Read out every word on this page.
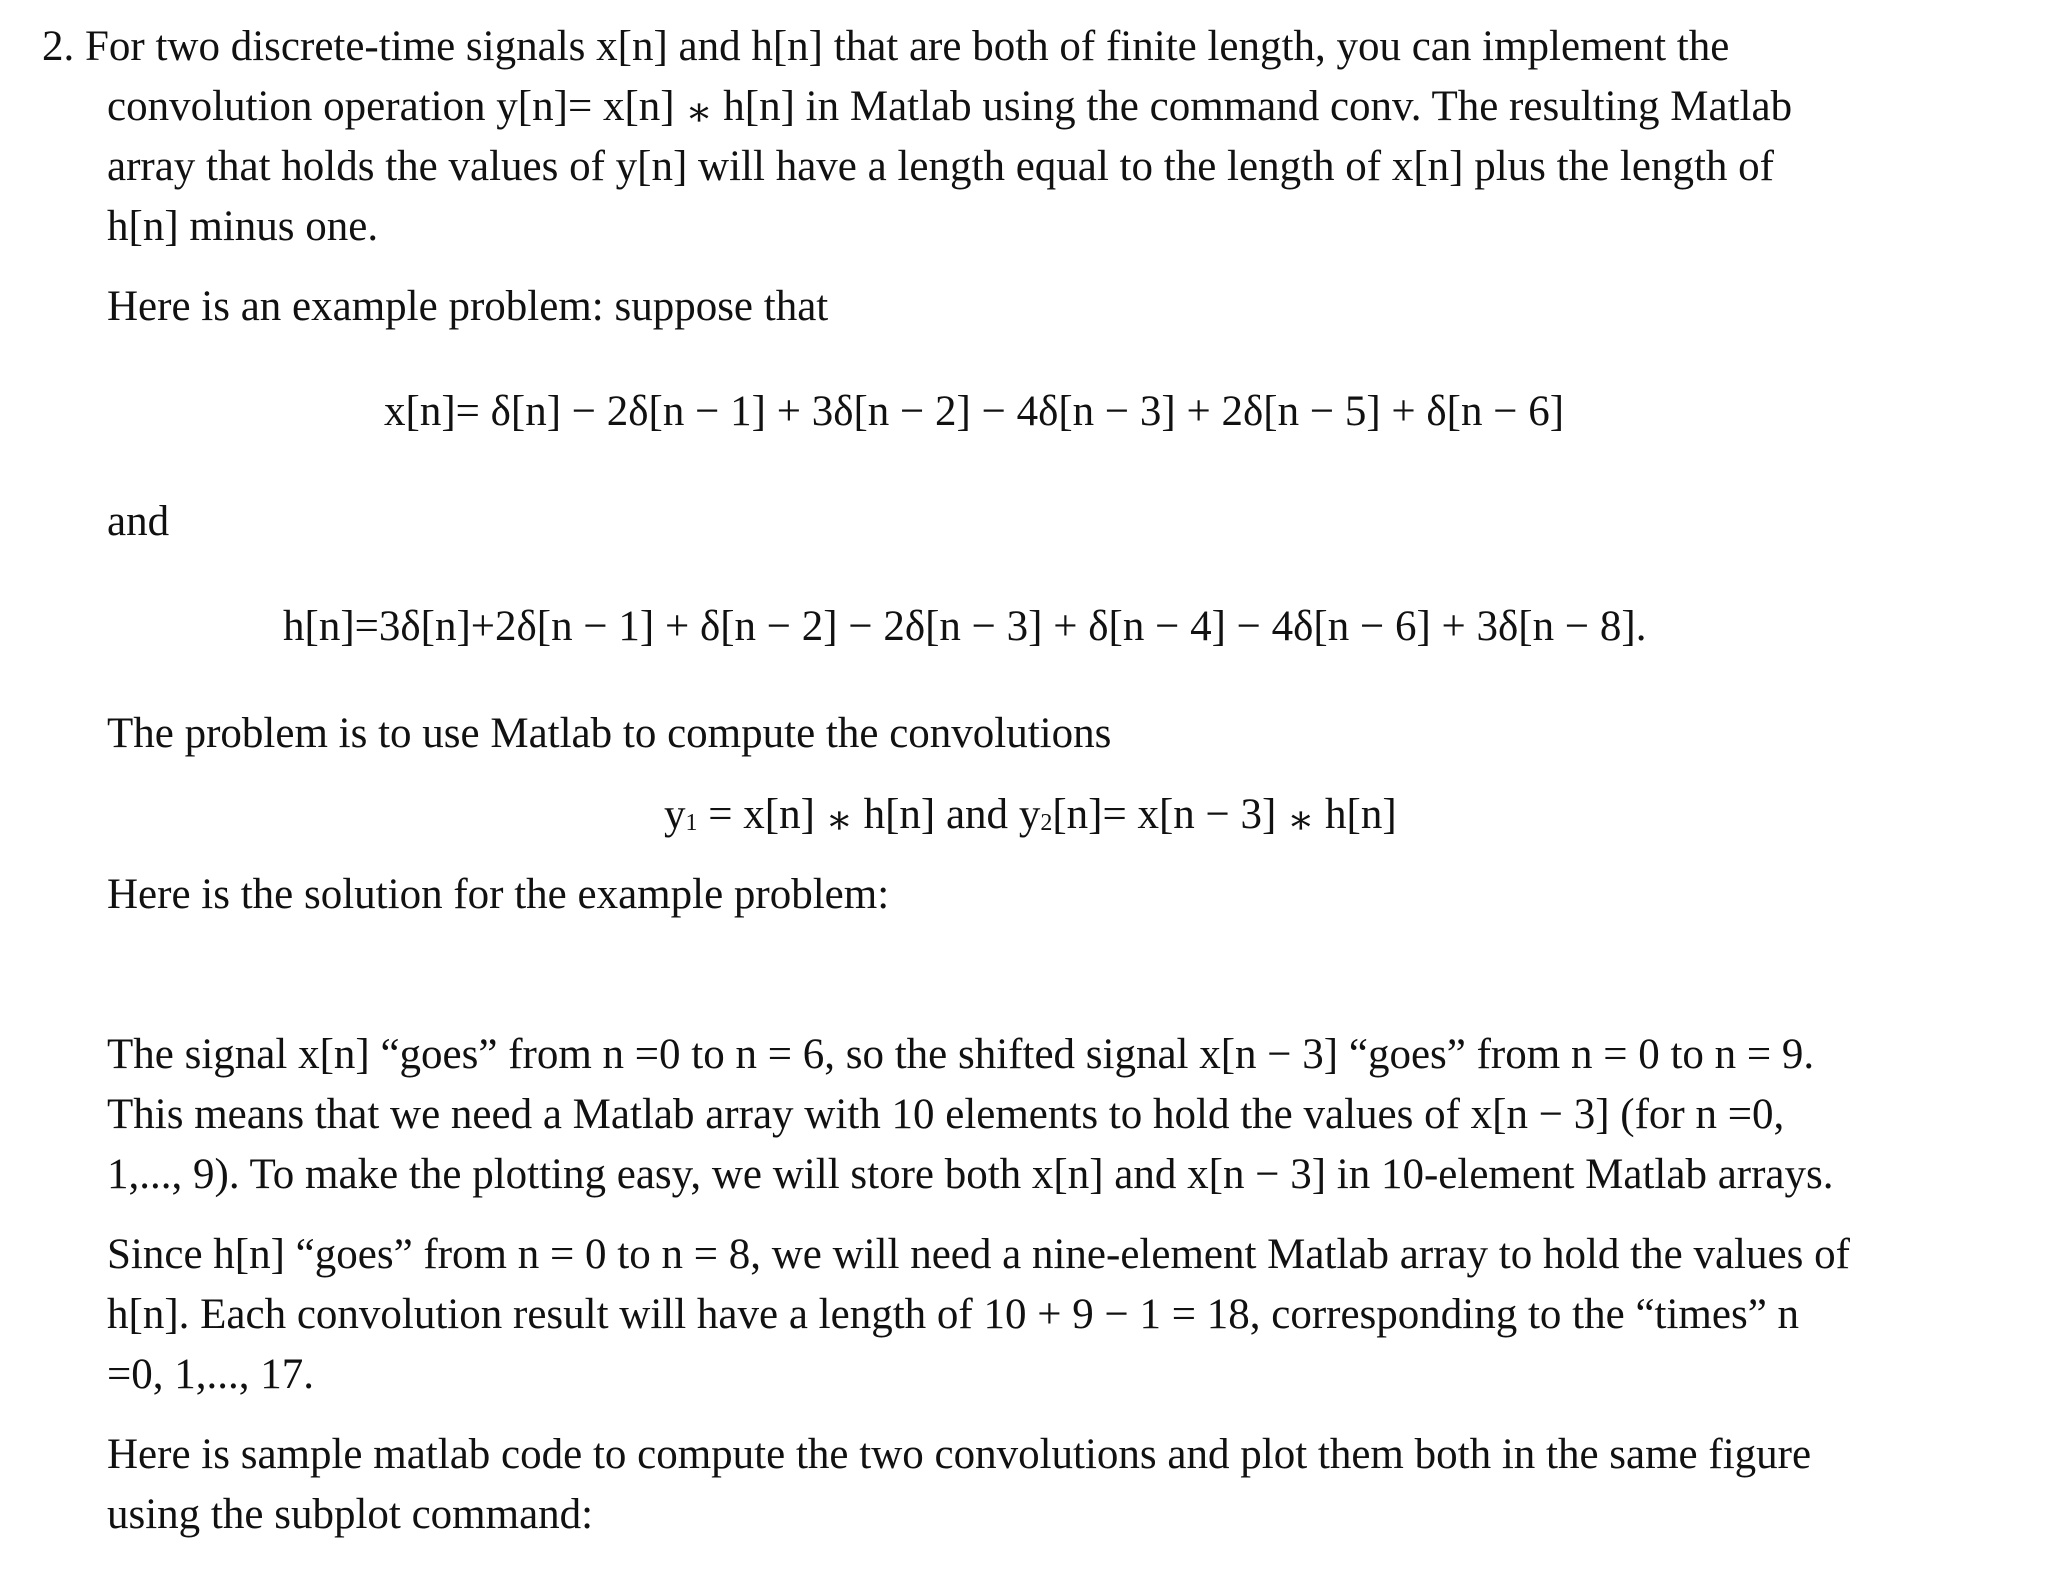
2. For two discrete-time signals x[n] and h[n] that are both of finite length, you can implement the
convolution operation y[n]= x[n] ∗ h[n] in Matlab using the command conv. The resulting Matlab
array that holds the values of y[n] will have a length equal to the length of x[n] plus the length of
h[n] minus one.
Here is an example problem: suppose that
x[n]= δ[n] − 2δ[n − 1] + 3δ[n − 2] − 4δ[n − 3] + 2δ[n − 5] + δ[n − 6]
and
h[n]=3δ[n]+2δ[n − 1] + δ[n − 2] − 2δ[n − 3] + δ[n − 4] − 4δ[n − 6] + 3δ[n − 8].
The problem is to use Matlab to compute the convolutions
y1 = x[n] ∗ h[n] and y2[n]= x[n − 3] ∗ h[n]
Here is the solution for the example problem:
The signal x[n] “goes” from n =0 to n = 6, so the shifted signal x[n − 3] “goes” from n = 0 to n = 9.
This means that we need a Matlab array with 10 elements to hold the values of x[n − 3] (for n =0,
1,..., 9). To make the plotting easy, we will store both x[n] and x[n − 3] in 10-element Matlab arrays.
Since h[n] “goes” from n = 0 to n = 8, we will need a nine-element Matlab array to hold the values of
h[n]. Each convolution result will have a length of 10 + 9 − 1 = 18, corresponding to the “times” n
=0, 1,..., 17.
Here is sample matlab code to compute the two convolutions and plot them both in the same figure
using the subplot command:
